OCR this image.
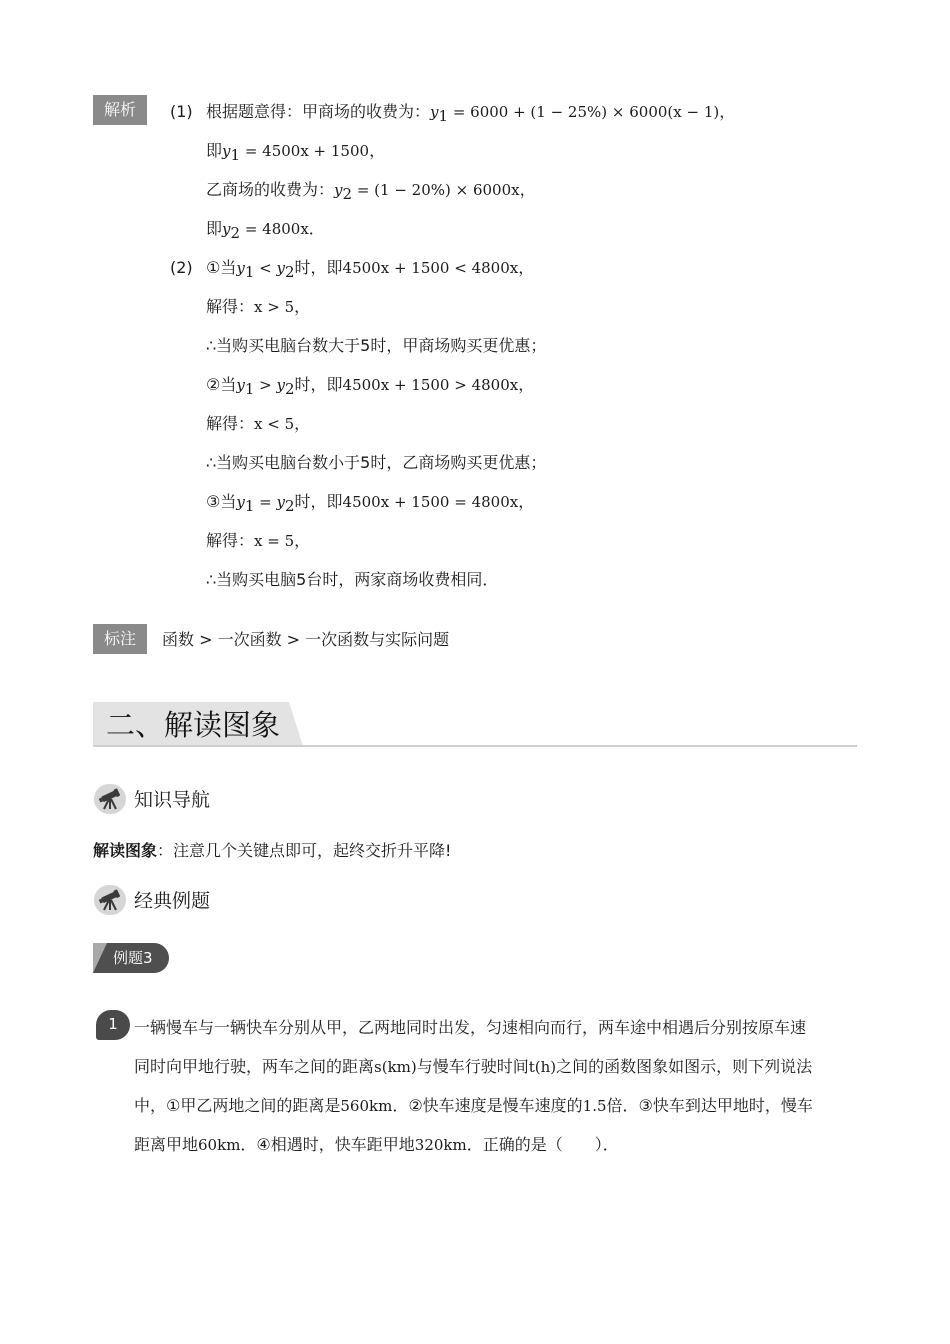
解析	(1) 根据题意得：甲商场的收费为：$y_1 = 6000 + (1 - 25\%) \times 6000(x - 1)$，
即$y_1 = 4500x + 1500$，
乙商场的收费为：$y_2 = (1 - 20\%) \times 6000x$，
即$y_2 = 4800x$．
(2) ①当$y_1 < y_2$时，即4500x + 1500 < 4800x，
解得：x > 5，
∴当购买电脑台数大于5时，甲商场购买更优惠；
②当$y_1 > y_2$时，即4500x + 1500 > 4800x，
解得：x < 5，
∴当购买电脑台数小于5时，乙商场购买更优惠；
③当$y_1 = y_2$时，即4500x + 1500 = 4800x，
解得：x = 5，
∴当购买电脑5台时，两家商场收费相同．
标注	函数 > 一次函数 > 一次函数与实际问题
二、解读图象
知识导航
解读图象：注意几个关键点即可，起终交折升平降!
经典例题
例题3
1	一辆慢车与一辆快车分别从甲，乙两地同时出发，匀速相向而行，两车途中相遇后分别按原车速
同时向甲地行驶，两车之间的距离s(km)与慢车行驶时间t(h)之间的函数图象如图示，则下列说法
中，①甲乙两地之间的距离是560km．②快车速度是慢车速度的1.5倍．③快车到达甲地时，慢车
距离甲地60km．④相遇时，快车距甲地320km．正确的是（　　）．
